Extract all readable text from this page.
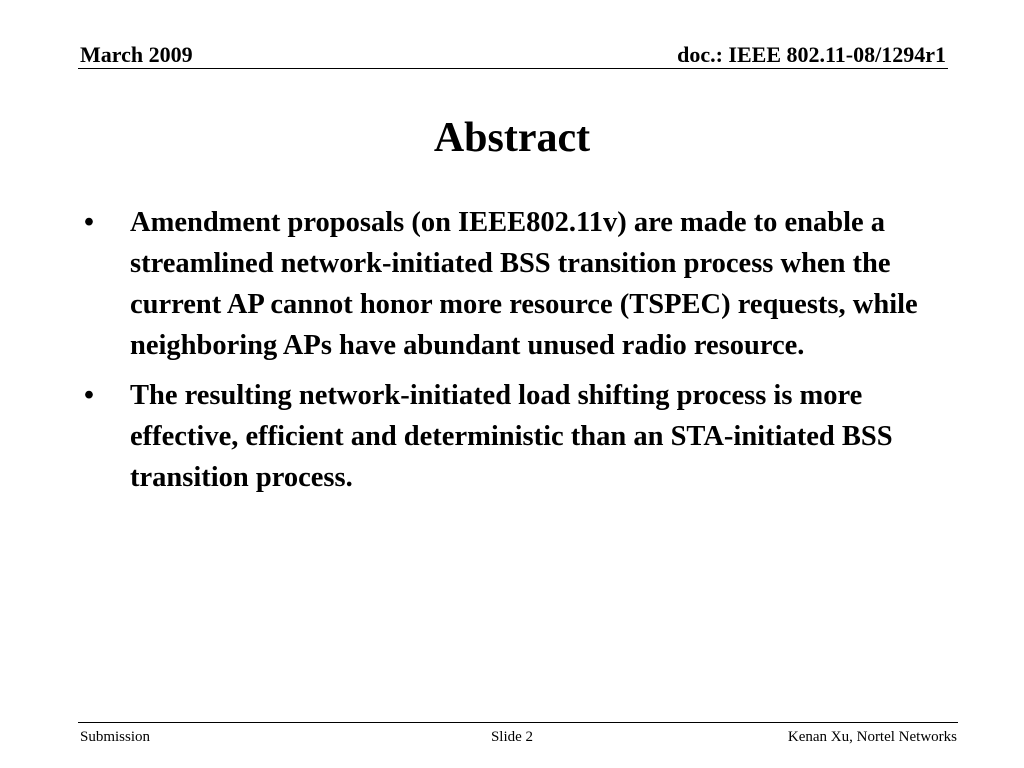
March 2009	doc.: IEEE 802.11-08/1294r1
Abstract
• Amendment proposals (on IEEE802.11v) are made to enable a streamlined network-initiated BSS transition process when the current AP cannot honor more resource (TSPEC) requests, while neighboring APs have abundant unused radio resource.
• The resulting network-initiated load shifting process is more effective, efficient and deterministic than an STA-initiated BSS transition process.
Submission	Slide 2	Kenan Xu, Nortel Networks
